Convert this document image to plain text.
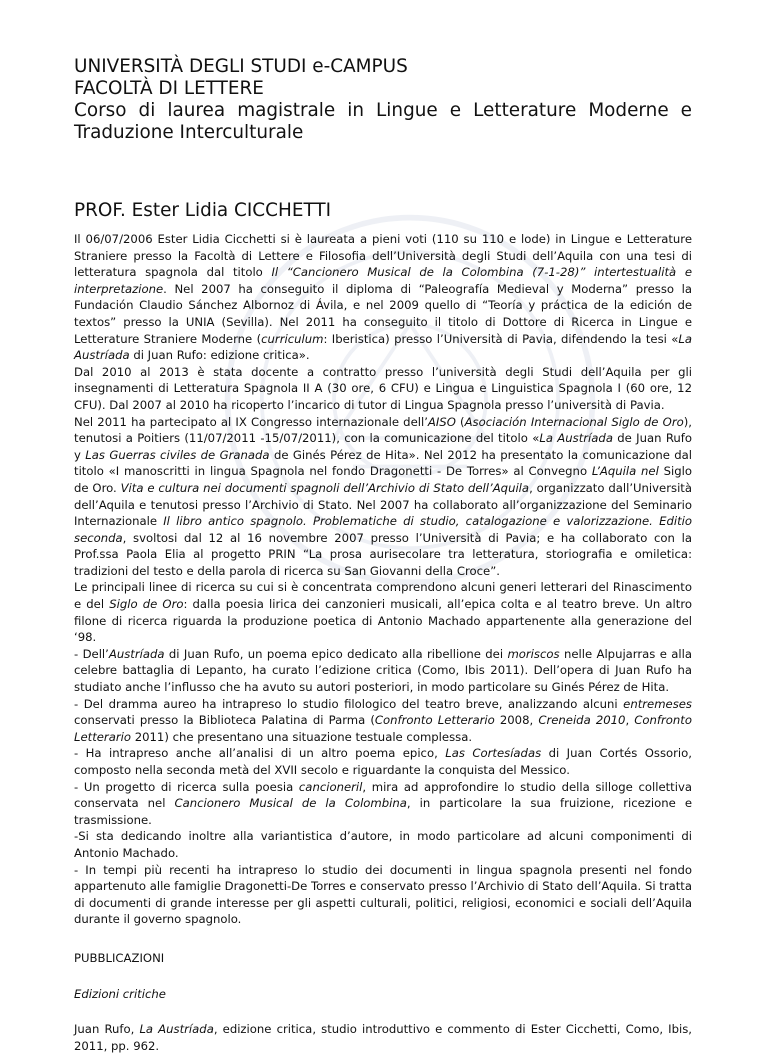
UNIVERSITÀ DEGLI STUDI e-CAMPUS
FACOLTÀ DI LETTERE
Corso di laurea magistrale in Lingue e Letterature Moderne e Traduzione Interculturale
PROF. Ester Lidia CICCHETTI

Il 06/07/2006 Ester Lidia Cicchetti si è laureata a pieni voti (110 su 110 e lode) in Lingue e Letterature Straniere presso la Facoltà di Lettere e Filosofia dell’Università degli Studi dell’Aquila con una tesi di letteratura spagnola dal titolo Il “Cancionero Musical de la Colombina (7-1-28)” intertestualità e interpretazione. Nel 2007 ha conseguito il diploma di “Paleografía Medieval y Moderna” presso la Fundación Claudio Sánchez Albornoz di Ávila, e nel 2009 quello di “Teoría y práctica de la edición de textos” presso la UNIA (Sevilla). Nel 2011 ha conseguito il titolo di Dottore di Ricerca in Lingue e Letterature Straniere Moderne (curriculum: Iberistica) presso l’Università di Pavia, difendendo la tesi «La Austríada di Juan Rufo: edizione critica».

Dal 2010 al 2013 è stata docente a contratto presso l’università degli Studi dell’Aquila per gli insegnamenti di Letteratura Spagnola II A (30 ore, 6 CFU) e Lingua e Linguistica Spagnola I (60 ore, 12 CFU). Dal 2007 al 2010 ha ricoperto l’incarico di tutor di Lingua Spagnola presso l’università di Pavia.

Nel 2011 ha partecipato al IX Congresso internazionale dell’AISO (Asociación Internacional Siglo de Oro), tenutosi a Poitiers (11/07/2011 -15/07/2011), con la comunicazione del titolo «La Austríada de Juan Rufo y Las Guerras civiles de Granada de Ginés Pérez de Hita». Nel 2012 ha presentato la comunicazione dal titolo «I manoscritti in lingua Spagnola nel fondo Dragonetti - De Torres» al Convegno L’Aquila nel Siglo de Oro. Vita e cultura nei documenti spagnoli dell’Archivio di Stato dell’Aquila, organizzato dall’Università dell’Aquila e tenutosi presso l’Archivio di Stato. Nel 2007 ha collaborato all’organizzazione del Seminario Internazionale Il libro antico spagnolo. Problematiche di studio, catalogazione e valorizzazione. Editio seconda, svoltosi dal 12 al 16 novembre 2007 presso l’Università di Pavia; e ha collaborato con la Prof.ssa Paola Elia al progetto PRIN “La prosa aurisecolare tra letteratura, storiografia e omiletica: tradizioni del testo e della parola di ricerca su San Giovanni della Croce”.

Le principali linee di ricerca su cui si è concentrata comprendono alcuni generi letterari del Rinascimento e del Siglo de Oro: dalla poesia lirica dei canzonieri musicali, all’epica colta e al teatro breve. Un altro filone di ricerca riguarda la produzione poetica di Antonio Machado appartenente alla generazione del ‘98.

- Dell’Austríada di Juan Rufo, un poema epico dedicato alla ribellione dei moriscos nelle Alpujarras e alla celebre battaglia di Lepanto, ha curato l’edizione critica (Como, Ibis 2011). Dell’opera di Juan Rufo ha studiato anche l’influsso che ha avuto su autori posteriori, in modo particolare su Ginés Pérez de Hita.

- Del dramma aureo ha intrapreso lo studio filologico del teatro breve, analizzando alcuni entremeses conservati presso la Biblioteca Palatina di Parma (Confronto Letterario 2008, Creneida 2010, Confronto Letterario 2011) che presentano una situazione testuale complessa.

- Ha intrapreso anche all’analisi di un altro poema epico, Las Cortesíadas di Juan Cortés Ossorio, composto nella seconda metà del XVII secolo e riguardante la conquista del Messico.

- Un progetto di ricerca sulla poesia cancioneril, mira ad approfondire lo studio della silloge collettiva conservata nel Cancionero Musical de la Colombina, in particolare la sua fruizione, ricezione e trasmissione.

-Si sta dedicando inoltre alla variantistica d’autore, in modo particolare ad alcuni componimenti di Antonio Machado.

- In tempi più recenti ha intrapreso lo studio dei documenti in lingua spagnola presenti nel fondo appartenuto alle famiglie Dragonetti-De Torres e conservato presso l’Archivio di Stato dell’Aquila. Si tratta di documenti di grande interesse per gli aspetti culturali, politici, religiosi, economici e sociali dell’Aquila durante il governo spagnolo.

PUBBLICAZIONI
Edizioni critiche
Juan Rufo, La Austríada, edizione critica, studio introduttivo e commento di Ester Cicchetti, Como, Ibis, 2011, pp. 962.
